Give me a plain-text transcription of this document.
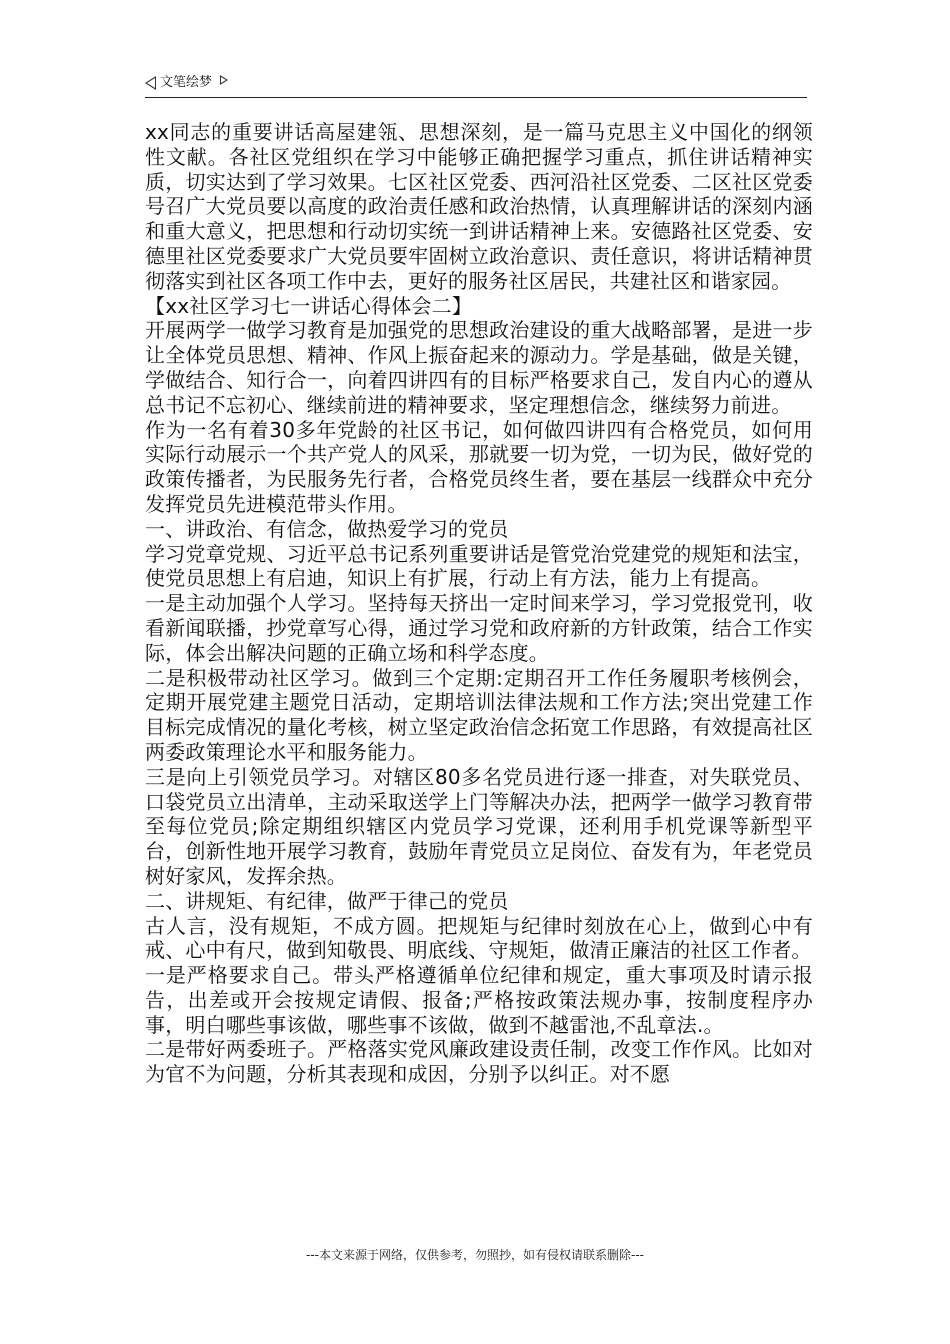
文笔绘梦

xx同志的重要讲话高屋建瓴、思想深刻，是一篇马克思主义中国化的纲领性文献。各社区党组织在学习中能够正确把握学习重点，抓住讲话精神实质，切实达到了学习效果。七区社区党委、西河沿社区党委、二区社区党委号召广大党员要以高度的政治责任感和政治热情，认真理解讲话的深刻内涵和重大意义，把思想和行动切实统一到讲话精神上来。安德路社区党委、安德里社区党委要求广大党员要牢固树立政治意识、责任意识，将讲话精神贯彻落实到社区各项工作中去，更好的服务社区居民，共建社区和谐家园。

【xx社区学习七一讲话心得体会二】

开展两学一做学习教育是加强党的思想政治建设的重大战略部署，是进一步让全体党员思想、精神、作风上振奋起来的源动力。学是基础，做是关键，学做结合、知行合一，向着四讲四有的目标严格要求自己，发自内心的遵从总书记不忘初心、继续前进的精神要求，坚定理想信念，继续努力前进。

作为一名有着30多年党龄的社区书记，如何做四讲四有合格党员，如何用实际行动展示一个共产党人的风采，那就要一切为党，一切为民，做好党的政策传播者，为民服务先行者，合格党员终生者，要在基层一线群众中充分发挥党员先进模范带头作用。

一、讲政治、有信念，做热爱学习的党员

学习党章党规、习近平总书记系列重要讲话是管党治党建党的规矩和法宝，使党员思想上有启迪，知识上有扩展，行动上有方法，能力上有提高。

一是主动加强个人学习。坚持每天挤出一定时间来学习，学习党报党刊，收看新闻联播，抄党章写心得，通过学习党和政府新的方针政策，结合工作实际，体会出解决问题的正确立场和科学态度。

二是积极带动社区学习。做到三个定期:定期召开工作任务履职考核例会，定期开展党建主题党日活动，定期培训法律法规和工作方法;突出党建工作目标完成情况的量化考核，树立坚定政治信念拓宽工作思路，有效提高社区两委政策理论水平和服务能力。

三是向上引领党员学习。对辖区80多名党员进行逐一排查，对失联党员、口袋党员立出清单，主动采取送学上门等解决办法，把两学一做学习教育带至每位党员;除定期组织辖区内党员学习党课，还利用手机党课等新型平台，创新性地开展学习教育，鼓励年青党员立足岗位、奋发有为，年老党员树好家风，发挥余热。

二、讲规矩、有纪律，做严于律己的党员

古人言，没有规矩，不成方圆。把规矩与纪律时刻放在心上，做到心中有戒、心中有尺，做到知敬畏、明底线、守规矩，做清正廉洁的社区工作者。

一是严格要求自己。带头严格遵循单位纪律和规定，重大事项及时请示报告，出差或开会按规定请假、报备;严格按政策法规办事，按制度程序办事，明白哪些事该做，哪些事不该做，做到不越雷池,不乱章法.。

二是带好两委班子。严格落实党风廉政建设责任制，改变工作作风。比如对为官不为问题，分析其表现和成因，分别予以纠正。对不愿

---本文来源于网络，仅供参考，勿照抄，如有侵权请联系删除---
